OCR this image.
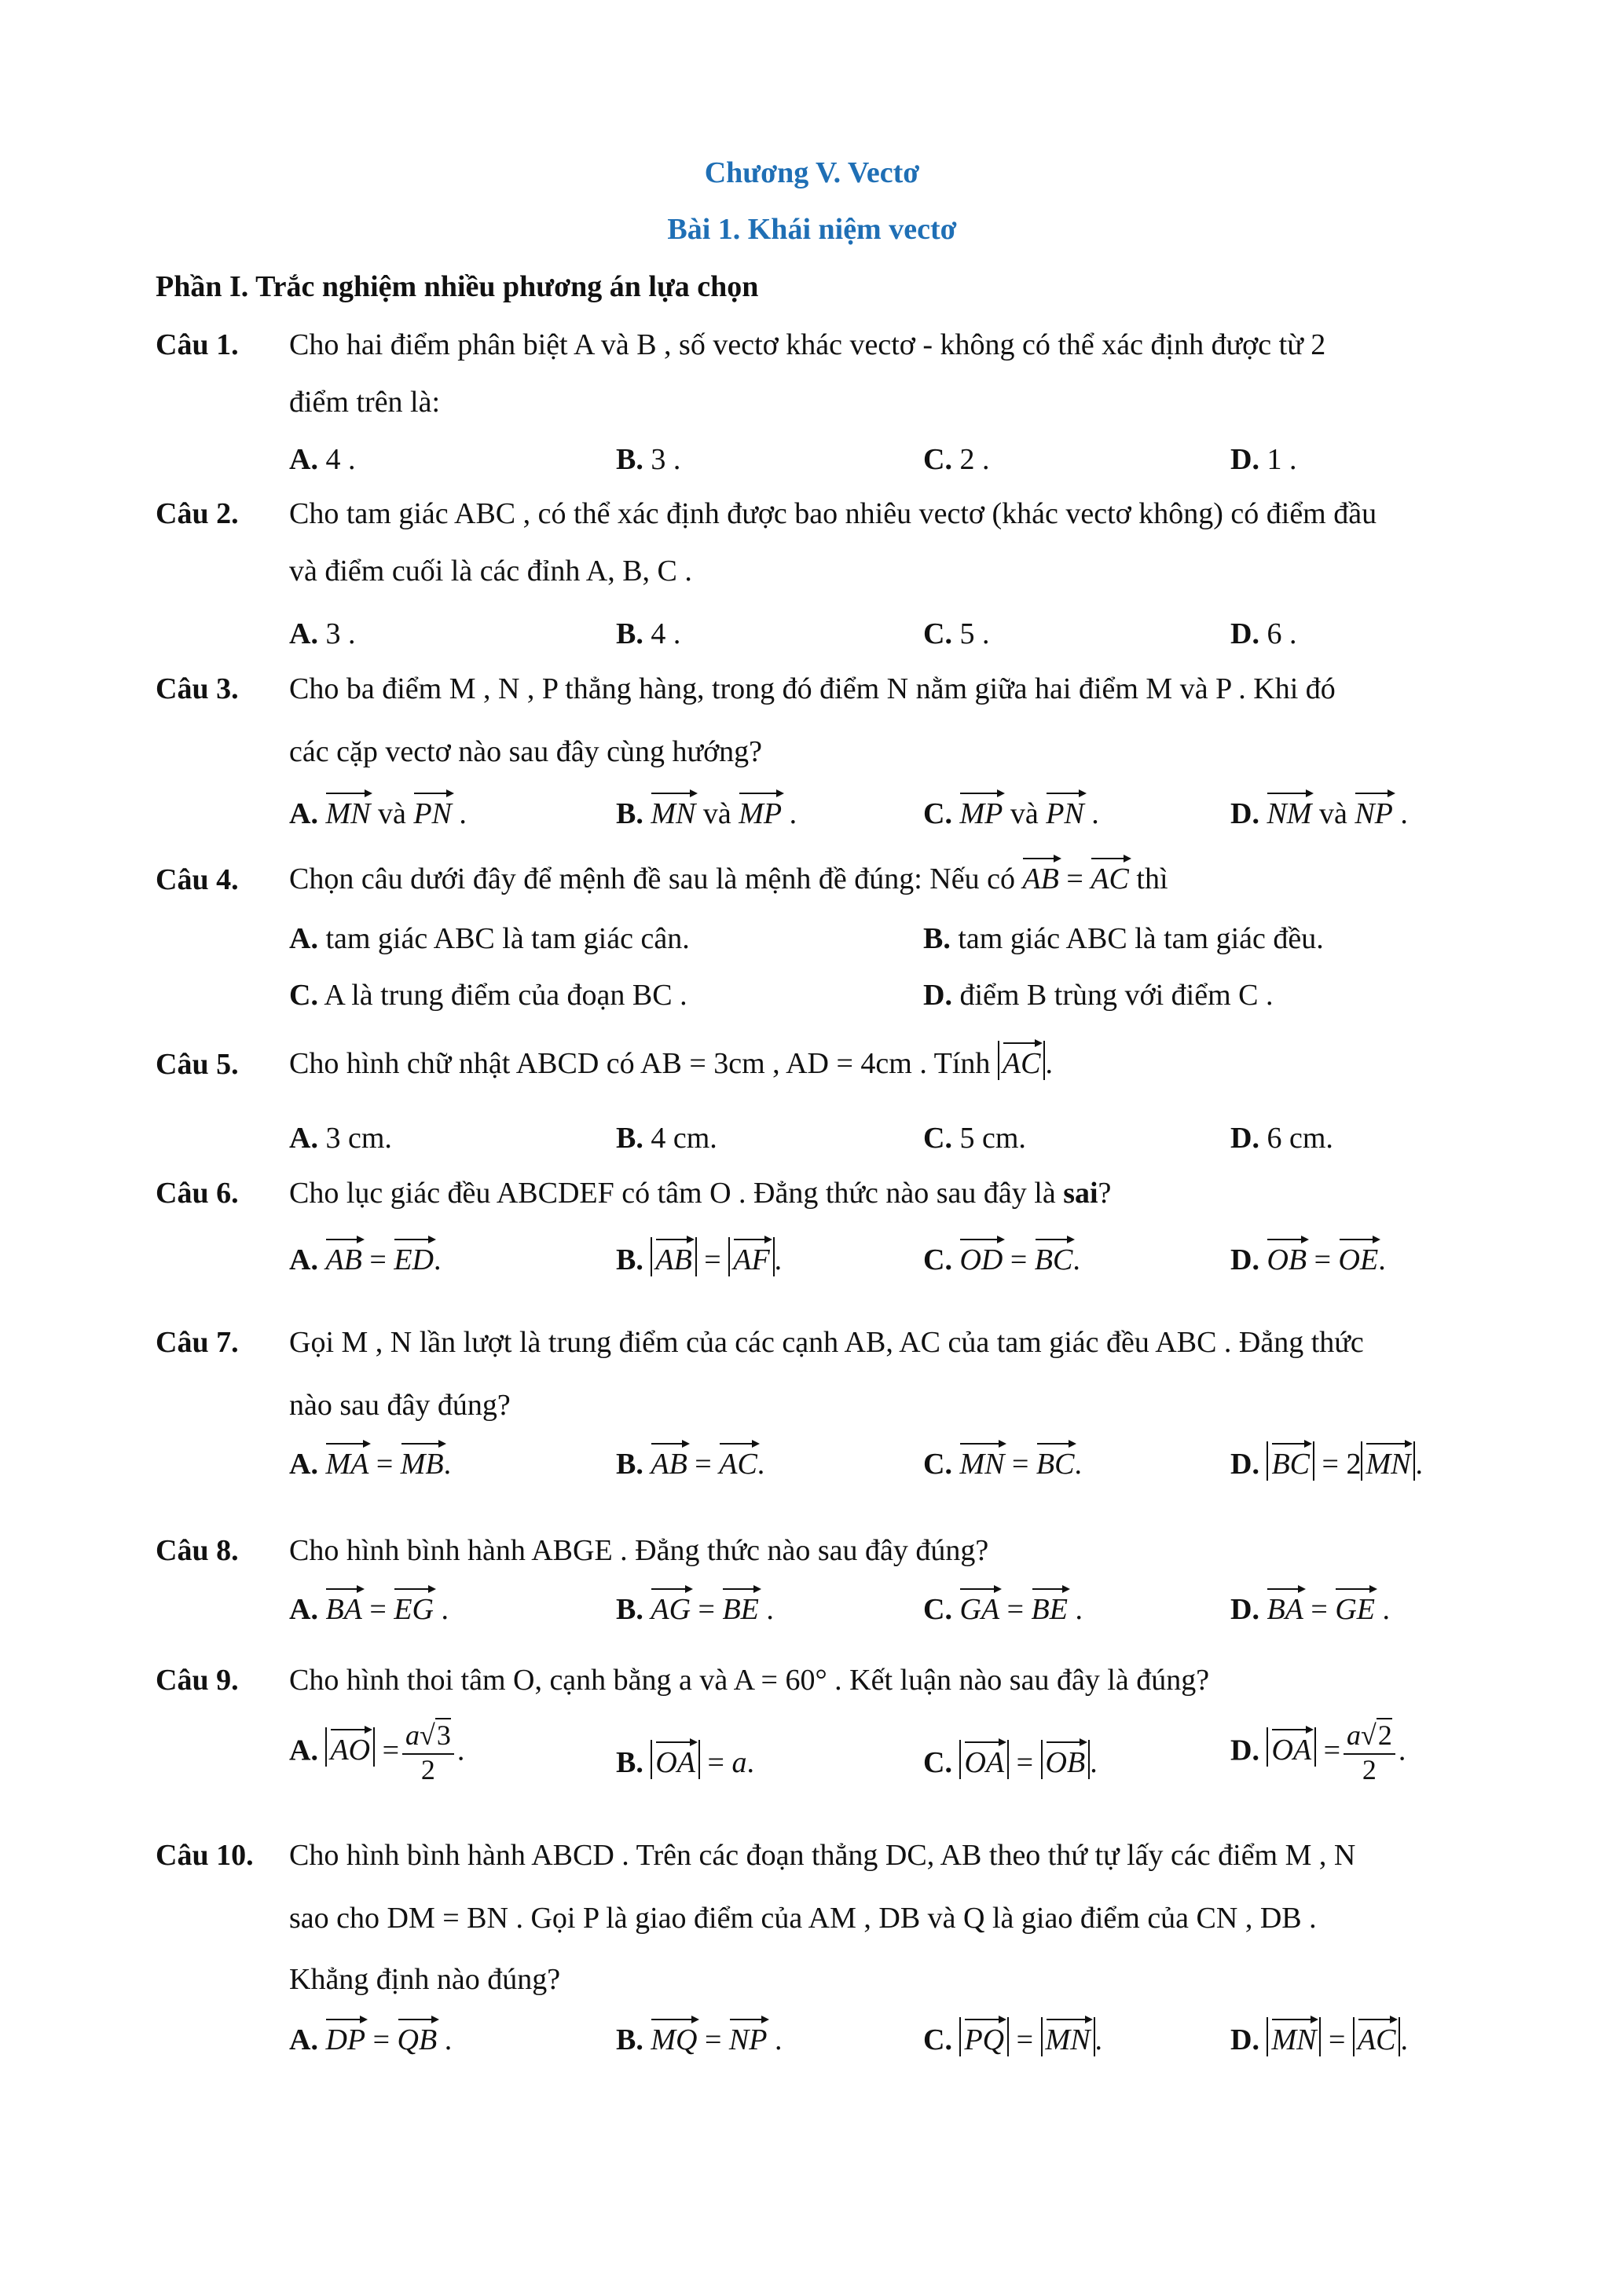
Chương V. Vectơ
Bài 1. Khái niệm vectơ
Phần I. Trắc nghiệm nhiều phương án lựa chọn
Câu 1. Cho hai điểm phân biệt A và B , số vectơ khác vectơ - không có thể xác định được từ 2
điểm trên là:
A. 4 .	B. 3 .	C. 2 .	D. 1 .
Câu 2. Cho tam giác ABC , có thể xác định được bao nhiêu vectơ (khác vectơ không) có điểm đầu
và điểm cuối là các đỉnh A, B, C .
A. 3 .	B. 4 .	C. 5 .	D. 6 .
Câu 3. Cho ba điểm M , N , P thẳng hàng, trong đó điểm N nằm giữa hai điểm M và P . Khi đó
các cặp vectơ nào sau đây cùng hướng?
A. MN và PN .	B. MN và MP .	C. MP và PN .	D. NM và NP .
Câu 4. Chọn câu dưới đây để mệnh đề sau là mệnh đề đúng: Nếu có AB = AC thì
A. tam giác ABC là tam giác cân.	B. tam giác ABC là tam giác đều.
C. A là trung điểm của đoạn BC .	D. điểm B trùng với điểm C .
Câu 5. Cho hình chữ nhật ABCD có AB = 3cm , AD = 4cm . Tính AC .
A. 3 cm.	B. 4 cm.	C. 5 cm.	D. 6 cm.
Câu 6. Cho lục giác đều ABCDEF có tâm O . Đẳng thức nào sau đây là sai?
A. AB = ED.	B. AB = AF .	C. OD = BC.	D. OB = OE.
Câu 7. Gọi M , N lần lượt là trung điểm của các cạnh AB, AC của tam giác đều ABC . Đẳng thức
nào sau đây đúng?
A. MA = MB.	B. AB = AC.	C. MN = BC.	D. BC = 2 MN .
Câu 8. Cho hình bình hành ABGE . Đẳng thức nào sau đây đúng?
A. BA = EG .	B. AG = BE .	C. GA = BE .	D. BA = GE .
Câu 9. Cho hình thoi tâm O, cạnh bằng a và A = 60° . Kết luận nào sau đây là đúng?
A. AO = $\frac{a√3}{2}$ .	B. OA = a.	C. OA = OB .	D. OA = $\frac{a√2}{2}$ .
Câu 10. Cho hình bình hành ABCD . Trên các đoạn thẳng DC, AB theo thứ tự lấy các điểm M , N
sao cho DM = BN . Gọi P là giao điểm của AM , DB và Q là giao điểm của CN , DB .
Khẳng định nào đúng?
A. DP = QB .	B. MQ = NP .	C. PQ = MN .	D. MN = AC .
